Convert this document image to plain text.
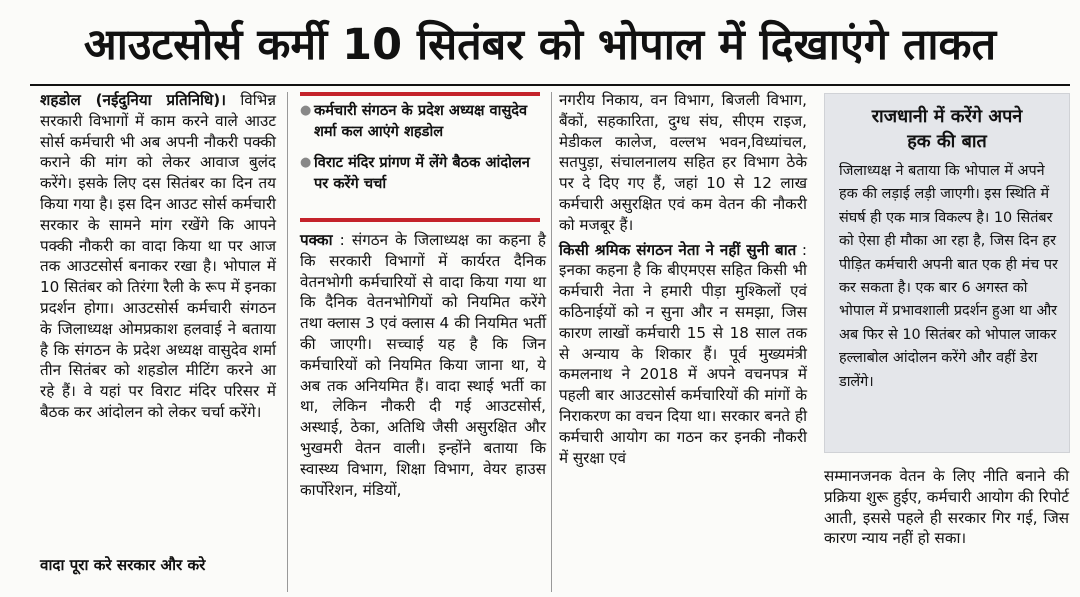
आउटसोर्स कर्मी 10 सितंबर को भोपाल में दिखाएंगे ताकत

शहडोल (नईदुनिया प्रतिनिधि)। विभिन्न सरकारी विभागों में काम करने वाले आउट सोर्स कर्मचारी भी अब अपनी नौकरी पक्की कराने की मांग को लेकर आवाज बुलंद करेंगे। इसके लिए दस सितंबर का दिन तय किया गया है। इस दिन आउट सोर्स कर्मचारी सरकार के सामने मांग रखेंगे कि आपने पक्की नौकरी का वादा किया था पर आज तक आउटसोर्स बनाकर रखा है। भोपाल में 10 सितंबर को तिरंगा रैली के रूप में इनका प्रदर्शन होगा। आउटसोर्स कर्मचारी संगठन के जिलाध्यक्ष ओमप्रकाश हलवाई ने बताया है कि संगठन के प्रदेश अध्यक्ष वासुदेव शर्मा तीन सितंबर को शहडोल मीटिंग करने आ रहे हैं। वे यहां पर विराट मंदिर परिसर में बैठक कर आंदोलन को लेकर चर्चा करेंगे।

वादा पूरा करे सरकार और करे
● कर्मचारी संगठन के प्रदेश अध्यक्ष वासुदेव शर्मा कल आएंगे शहडोल
● विराट मंदिर प्रांगण में लेंगे बैठक आंदोलन पर करेंगे चर्चा

पक्का : संगठन के जिलाध्यक्ष का कहना है कि सरकारी विभागों में कार्यरत दैनिक वेतनभोगी कर्मचारियों से वादा किया गया था कि दैनिक वेतनभोगियों को नियमित करेंगे तथा क्लास 3 एवं क्लास 4 की नियमित भर्ती की जाएगी। सच्चाई यह है कि जिन कर्मचारियों को नियमित किया जाना था, ये अब तक अनियमित हैं। वादा स्थाई भर्ती का था, लेकिन नौकरी दी गई आउटसोर्स, अस्थाई, ठेका, अतिथि जैसी असुरक्षित और भुखमरी वेतन वाली। इन्होंने बताया कि स्वास्थ्य विभाग, शिक्षा विभाग, वेयर हाउस कार्पोरेशन, मंडियों,

नगरीय निकाय, वन विभाग, बिजली विभाग, बैंकों, सहकारिता, दुग्ध संघ, सीएम राइज, मेडीकल कालेज, वल्लभ भवन,विध्यांचल, सतपुड़ा, संचालनालय सहित हर विभाग ठेके पर दे दिए गए हैं, जहां 10 से 12 लाख कर्मचारी असुरक्षित एवं कम वेतन की नौकरी को मजबूर हैं।

किसी श्रमिक संगठन नेता ने नहीं सुनी बात : इनका कहना है कि बीएमएस सहित किसी भी कर्मचारी नेता ने हमारी पीड़ा मुश्किलों एवं कठिनाईयों को न सुना और न समझा, जिस कारण लाखों कर्मचारी 15 से 18 साल तक से अन्याय के शिकार हैं। पूर्व मुख्यमंत्री कमलनाथ ने 2018 में अपने वचनपत्र में पहली बार आउटसोर्स कर्मचारियों की मांगों के निराकरण का वचन दिया था। सरकार बनते ही कर्मचारी आयोग का गठन कर इनकी नौकरी में सुरक्षा एवं

राजधानी में करेंगे अपने हक की बात
जिलाध्यक्ष ने बताया कि भोपाल में अपने हक की लड़ाई लड़ी जाएगी। इस स्थिति में संघर्ष ही एक मात्र विकल्प है। 10 सितंबर को ऐसा ही मौका आ रहा है, जिस दिन हर पीड़ित कर्मचारी अपनी बात एक ही मंच पर कर सकता है। एक बार 6 अगस्त को भोपाल में प्रभावशाली प्रदर्शन हुआ था और अब फिर से 10 सितंबर को भोपाल जाकर हल्लाबोल आंदोलन करेंगे और वहीं डेरा डालेंगे।

सम्मानजनक वेतन के लिए नीति बनाने की प्रक्रिया शुरू हुईए, कर्मचारी आयोग की रिपोर्ट आती, इससे पहले ही सरकार गिर गई, जिस कारण न्याय नहीं हो सका।
